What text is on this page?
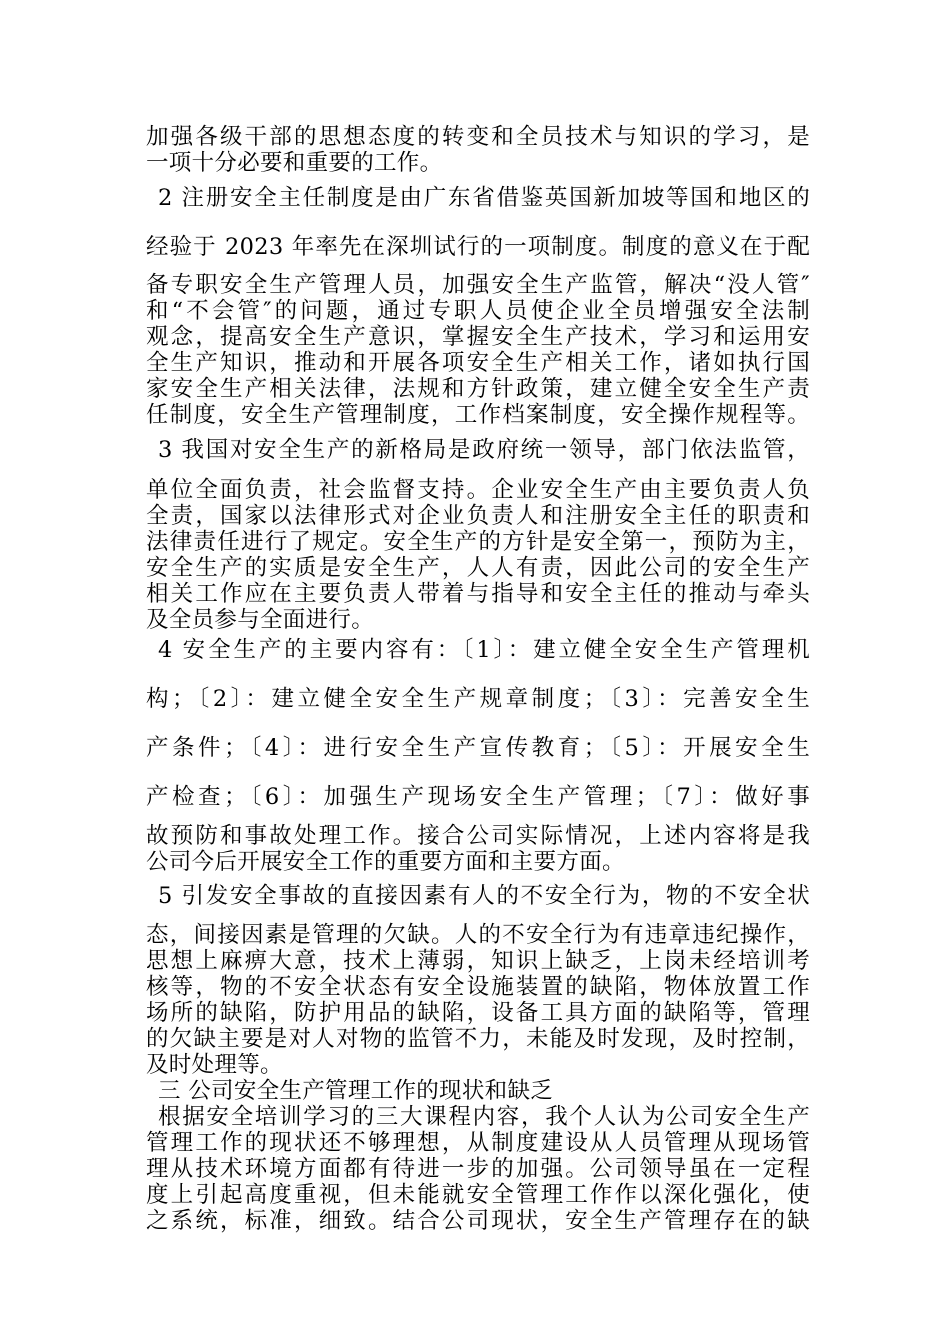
加强各级干部的思想态度的转变和全员技术与知识的学习，是
一项十分必要和重要的工作。
2 注册安全主任制度是由广东省借鉴英国新加坡等国和地区的
经验于 2023 年率先在深圳试行的一项制度。制度的意义在于配
备专职安全生产管理人员，加强安全生产监管，解决“没人管″
和“不会管″的问题，通过专职人员使企业全员增强安全法制
观念，提高安全生产意识，掌握安全生产技术，学习和运用安
全生产知识，推动和开展各项安全生产相关工作，诸如执行国
家安全生产相关法律，法规和方针政策，建立健全安全生产责
任制度，安全生产管理制度，工作档案制度，安全操作规程等。
3 我国对安全生产的新格局是政府统一领导，部门依法监管，
单位全面负责，社会监督支持。企业安全生产由主要负责人负
全责，国家以法律形式对企业负责人和注册安全主任的职责和
法律责任进行了规定。安全生产的方针是安全第一，预防为主，
安全生产的实质是安全生产，人人有责，因此公司的安全生产
相关工作应在主要负责人带着与指导和安全主任的推动与牵头
及全员参与全面进行。
4 安全生产的主要内容有：〔1〕：建立健全安全生产管理机
构；〔2〕：建立健全安全生产规章制度；〔3〕：完善安全生
产条件；〔4〕：进行安全生产宣传教育；〔5〕：开展安全生
产检查；〔6〕：加强生产现场安全生产管理；〔7〕：做好事
故预防和事故处理工作。接合公司实际情况，上述内容将是我
公司今后开展安全工作的重要方面和主要方面。
5 引发安全事故的直接因素有人的不安全行为，物的不安全状
态，间接因素是管理的欠缺。人的不安全行为有违章违纪操作，
思想上麻痹大意，技术上薄弱，知识上缺乏，上岗未经培训考
核等，物的不安全状态有安全设施装置的缺陷，物体放置工作
场所的缺陷，防护用品的缺陷，设备工具方面的缺陷等，管理
的欠缺主要是对人对物的监管不力，未能及时发现，及时控制，
及时处理等。
三 公司安全生产管理工作的现状和缺乏
根据安全培训学习的三大课程内容，我个人认为公司安全生产
管理工作的现状还不够理想，从制度建设从人员管理从现场管
理从技术环境方面都有待进一步的加强。公司领导虽在一定程
度上引起高度重视，但未能就安全管理工作作以深化强化，使
之系统，标准，细致。结合公司现状，安全生产管理存在的缺
